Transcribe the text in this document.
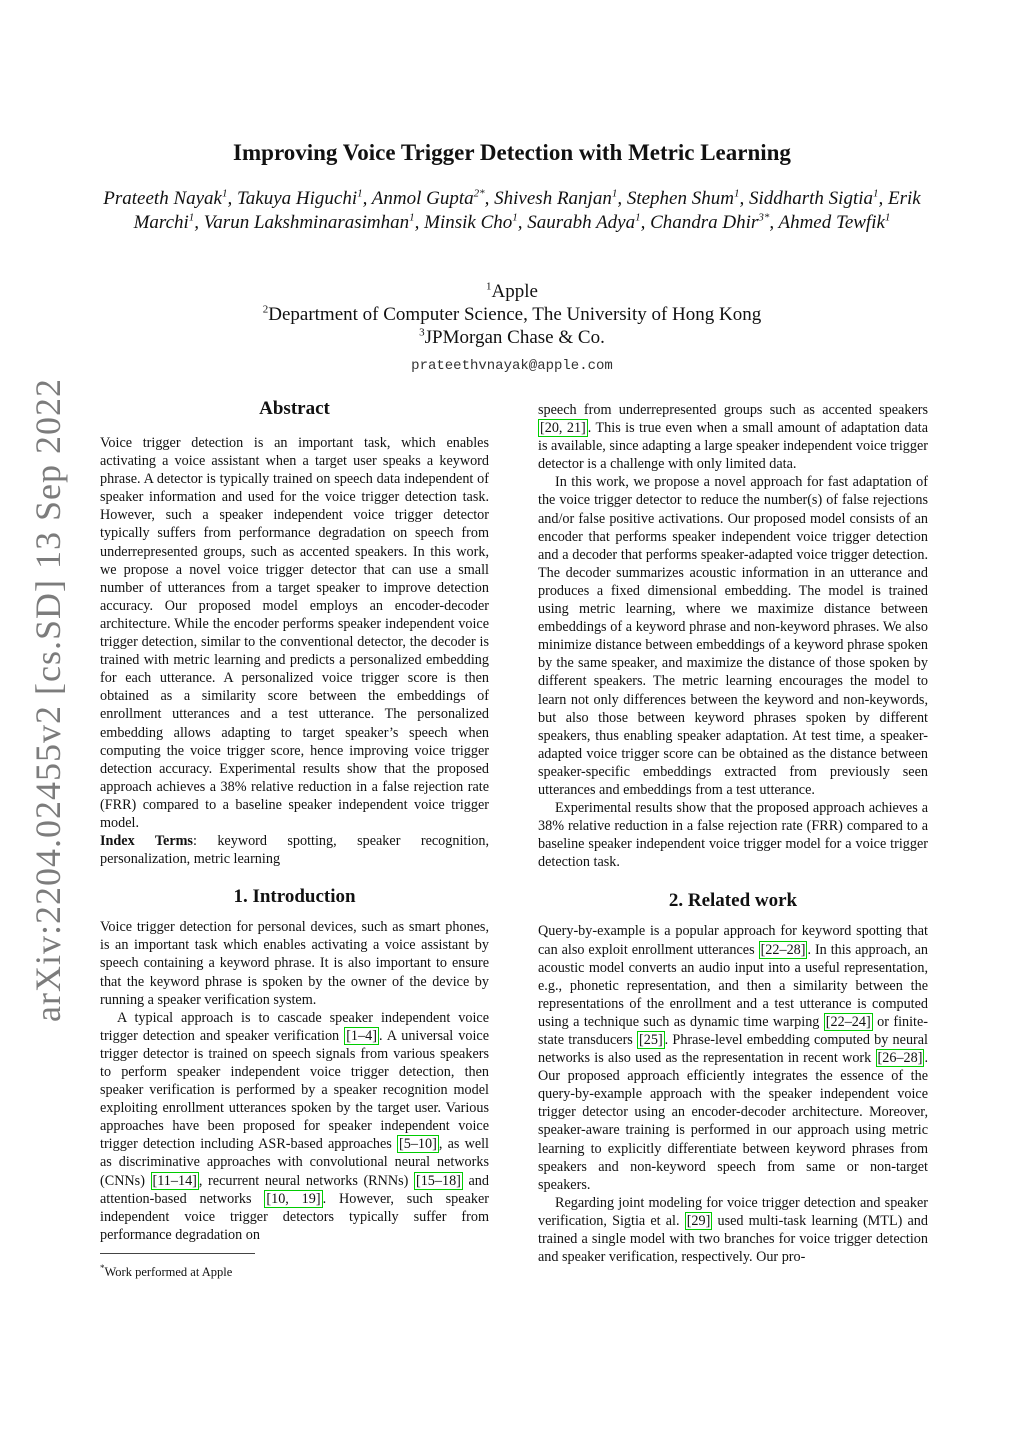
arXiv:2204.02455v2 [cs.SD] 13 Sep 2022
Improving Voice Trigger Detection with Metric Learning
Prateeth Nayak$^1$, Takuya Higuchi$^1$, Anmol Gupta$^{2*}$, Shivesh Ranjan$^1$, Stephen Shum$^1$, Siddharth Sigtia$^1$, Erik Marchi$^1$, Varun Lakshminarasimhan$^1$, Minsik Cho$^1$, Saurabh Adya$^1$, Chandra Dhir$^{3*}$, Ahmed Tewfik$^1$
$^1$Apple
$^2$Department of Computer Science, The University of Hong Kong
$^3$JPMorgan Chase & Co.
prateethvnayak@apple.com
Abstract

Voice trigger detection is an important task, which enables activating a voice assistant when a target user speaks a keyword phrase. A detector is typically trained on speech data independent of speaker information and used for the voice trigger detection task. However, such a speaker independent voice trigger detector typically suffers from performance degradation on speech from underrepresented groups, such as accented speakers. In this work, we propose a novel voice trigger detector that can use a small number of utterances from a target speaker to improve detection accuracy. Our proposed model employs an encoder-decoder architecture. While the encoder performs speaker independent voice trigger detection, similar to the conventional detector, the decoder is trained with metric learning and predicts a personalized embedding for each utterance. A personalized voice trigger score is then obtained as a similarity score between the embeddings of enrollment utterances and a test utterance. The personalized embedding allows adapting to target speaker’s speech when computing the voice trigger score, hence improving voice trigger detection accuracy. Experimental results show that the proposed approach achieves a 38% relative reduction in a false rejection rate (FRR) compared to a baseline speaker independent voice trigger model.

Index Terms: keyword spotting, speaker recognition, personalization, metric learning

1. Introduction

Voice trigger detection for personal devices, such as smart phones, is an important task which enables activating a voice assistant by speech containing a keyword phrase. It is also important to ensure that the keyword phrase is spoken by the owner of the device by running a speaker verification system.

A typical approach is to cascade speaker independent voice trigger detection and speaker verification [1–4] . A universal voice trigger detector is trained on speech signals from various speakers to perform speaker independent voice trigger detection, then speaker verification is performed by a speaker recognition model exploiting enrollment utterances spoken by the target user. Various approaches have been proposed for speaker independent voice trigger detection including ASR-based approaches [5–10] , as well as discriminative approaches with convolutional neural networks (CNNs) [11–14] , recurrent neural networks (RNNs) [15–18] and attention-based networks [10, 19] . However, such speaker independent voice trigger detectors typically suffer from performance degradation on

speech from underrepresented groups such as accented speakers [20, 21] . This is true even when a small amount of adaptation data is available, since adapting a large speaker independent voice trigger detector is a challenge with only limited data.

In this work, we propose a novel approach for fast adaptation of the voice trigger detector to reduce the number(s) of false rejections and/or false positive activations. Our proposed model consists of an encoder that performs speaker independent voice trigger detection and a decoder that performs speaker-adapted voice trigger detection. The decoder summarizes acoustic information in an utterance and produces a fixed dimensional embedding. The model is trained using metric learning, where we maximize distance between embeddings of a keyword phrase and non-keyword phrases. We also minimize distance between embeddings of a keyword phrase spoken by the same speaker, and maximize the distance of those spoken by different speakers. The metric learning encourages the model to learn not only differences between the keyword and non-keywords, but also those between keyword phrases spoken by different speakers, thus enabling speaker adaptation. At test time, a speaker-adapted voice trigger score can be obtained as the distance between speaker-specific embeddings extracted from previously seen utterances and embeddings from a test utterance.

Experimental results show that the proposed approach achieves a 38% relative reduction in a false rejection rate (FRR) compared to a baseline speaker independent voice trigger model for a voice trigger detection task.

2. Related work

Query-by-example is a popular approach for keyword spotting that can also exploit enrollment utterances [22–28] . In this approach, an acoustic model converts an audio input into a useful representation, e.g., phonetic representation, and then a similarity between the representations of the enrollment and a test utterance is computed using a technique such as dynamic time warping [22–24] or finite-state transducers [25] . Phrase-level embedding computed by neural networks is also used as the representation in recent work [26–28] . Our proposed approach efficiently integrates the essence of the query-by-example approach with the speaker independent voice trigger detector using an encoder-decoder architecture. Moreover, speaker-aware training is performed in our approach using metric learning to explicitly differentiate between keyword phrases from speakers and non-keyword speech from same or non-target speakers.

Regarding joint modeling for voice trigger detection and speaker verification, Sigtia et al. [29] used multi-task learning (MTL) and trained a single model with two branches for voice trigger detection and speaker verification, respectively. Our pro-

*Work performed at Apple
